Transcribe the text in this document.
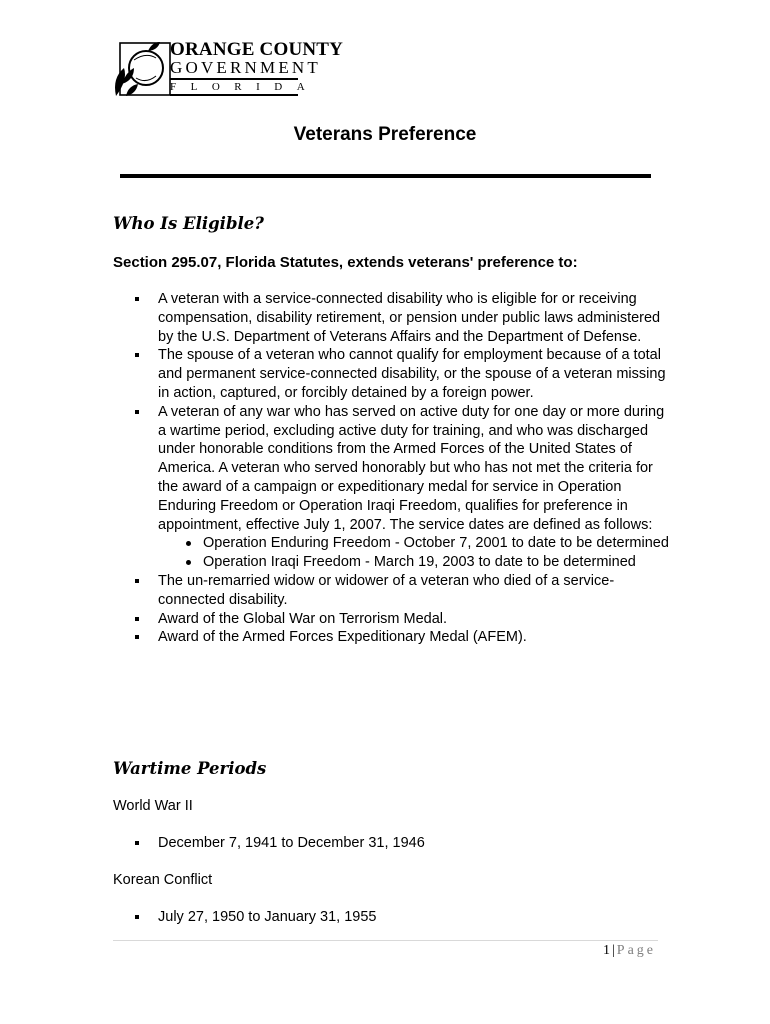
ORANGE COUNTY
GOVERNMENT
FLORIDA
Veterans Preference
Who Is Eligible?
Section 295.07, Florida Statutes, extends veterans' preference to:
A veteran with a service-connected disability who is eligible for or receiving compensation, disability retirement, or pension under public laws administered by the U.S. Department of Veterans Affairs and the Department of Defense.
The spouse of a veteran who cannot qualify for employment because of a total and permanent service-connected disability, or the spouse of a veteran missing in action, captured, or forcibly detained by a foreign power.
A veteran of any war who has served on active duty for one day or more during a wartime period, excluding active duty for training, and who was discharged under honorable conditions from the Armed Forces of the United States of America. A veteran who served honorably but who has not met the criteria for the award of a campaign or expeditionary medal for service in Operation Enduring Freedom or Operation Iraqi Freedom, qualifies for preference in appointment, effective July 1, 2007. The service dates are defined as follows:
Operation Enduring Freedom - October 7, 2001 to date to be determined
Operation Iraqi Freedom - March 19, 2003 to date to be determined
The un-remarried widow or widower of a veteran who died of a service-connected disability.
Award of the Global War on Terrorism Medal.
Award of the Armed Forces Expeditionary Medal (AFEM).
Wartime Periods
World War II
December 7, 1941 to December 31, 1946
Korean Conflict
July 27, 1950 to January 31, 1955
1 | Page
